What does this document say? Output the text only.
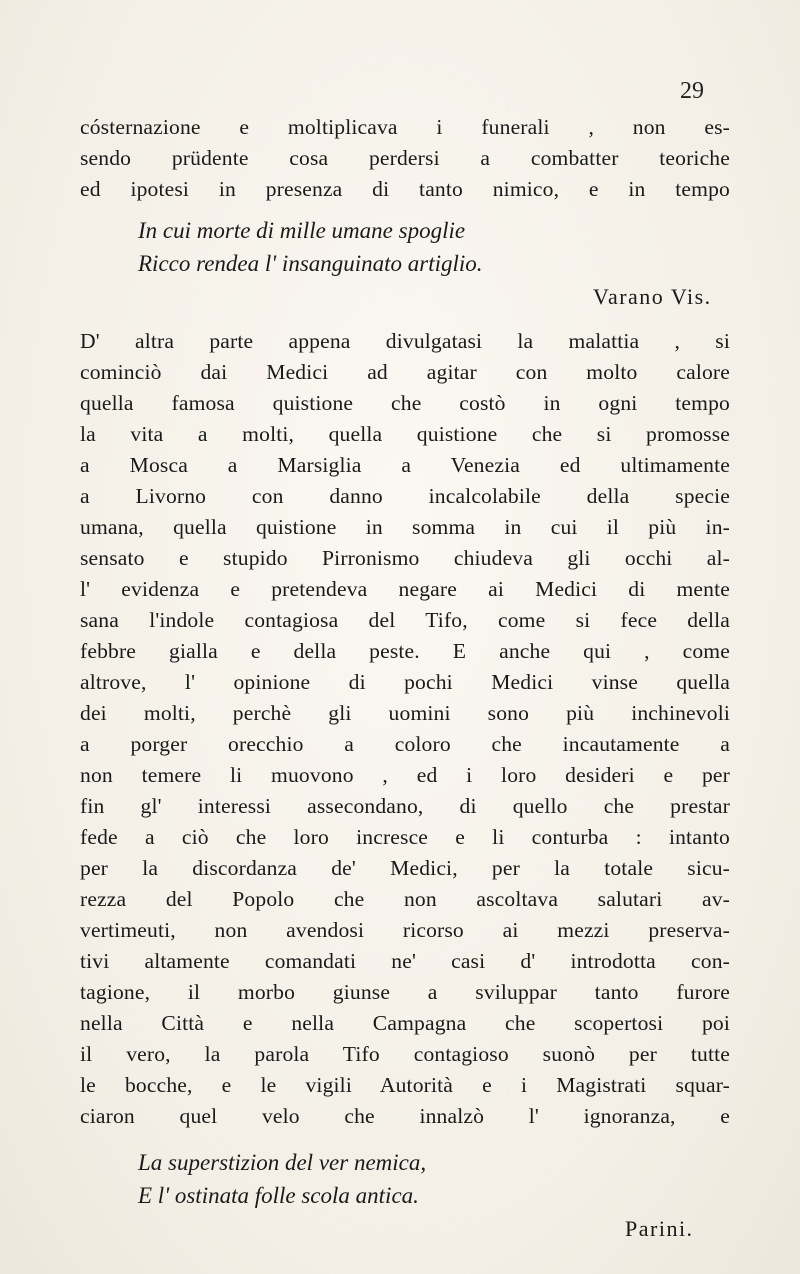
29
cósternazione e moltiplicava i funerali , non es-
sendo prüdente cosa perdersi a combatter teoriche
ed ipotesi in presenza di tanto nimico, e in tempo
In cui morte di mille umane spoglie
Ricco rendea l' insanguinato artiglio.
Varano Vis.
D' altra parte appena divulgatasi la malattia , si
cominciò dai Medici ad agitar con molto calore
quella famosa quistione che costò in ogni tempo
la vita a molti, quella quistione che si promosse
a Mosca a Marsiglia a Venezia ed ultimamente
a Livorno con danno incalcolabile della specie
umana, quella quistione in somma in cui il più in-
sensato e stupido Pirronismo chiudeva gli occhi al-
l' evidenza e pretendeva negare ai Medici di mente
sana l'indole contagiosa del Tifo, come si fece della
febbre gialla e della peste. E anche qui , come
altrove, l' opinione di pochi Medici vinse quella
dei molti, perchè gli uomini sono più inchinevoli
a porger orecchio a coloro che incautamente a
non temere li muovono , ed i loro desideri e per
fin gl' interessi assecondano, di quello che prestar
fede a ciò che loro incresce e li conturba : intanto
per la discordanza de' Medici, per la totale sicu-
rezza del Popolo che non ascoltava salutari av-
vertimeuti, non avendosi ricorso ai mezzi preserva-
tivi altamente comandati ne' casi d' introdotta con-
tagione, il morbo giunse a sviluppar tanto furore
nella Città e nella Campagna che scopertosi poi
il vero, la parola Tifo contagioso suonò per tutte
le bocche, e le vigili Autorità e i Magistrati squar-
ciaron quel velo che innalzò l' ignoranza, e
La superstizion del ver nemica,
E l' ostinata folle scola antica.
Parini.
